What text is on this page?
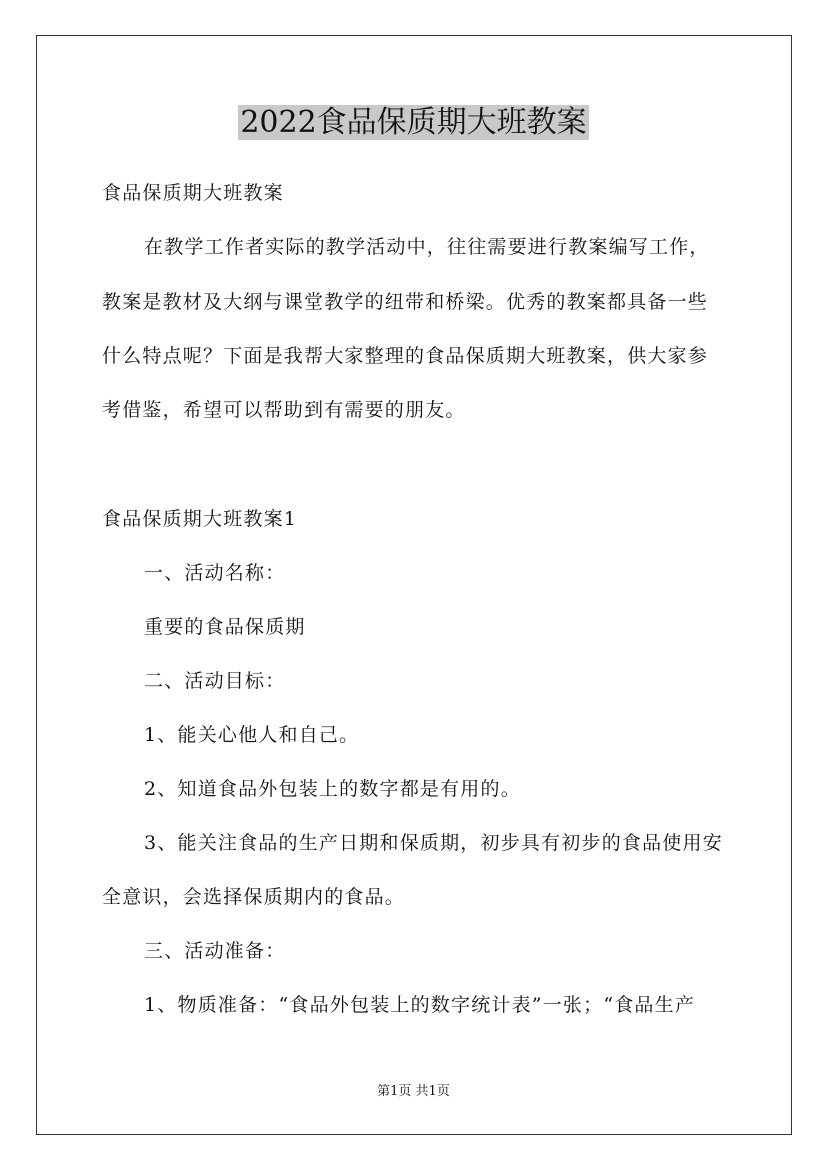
2022食品保质期大班教案
食品保质期大班教案
在教学工作者实际的教学活动中，往往需要进行教案编写工作，
教案是教材及大纲与课堂教学的纽带和桥梁。优秀的教案都具备一些
什么特点呢？下面是我帮大家整理的食品保质期大班教案，供大家参
考借鉴，希望可以帮助到有需要的朋友。
食品保质期大班教案1
一、活动名称：
重要的食品保质期
二、活动目标：
1、能关心他人和自己。
2、知道食品外包装上的数字都是有用的。
3、能关注食品的生产日期和保质期，初步具有初步的食品使用安
全意识，会选择保质期内的食品。
三、活动准备：
1、物质准备：“食品外包装上的数字统计表”一张；“食品生产
第1页 共1页
